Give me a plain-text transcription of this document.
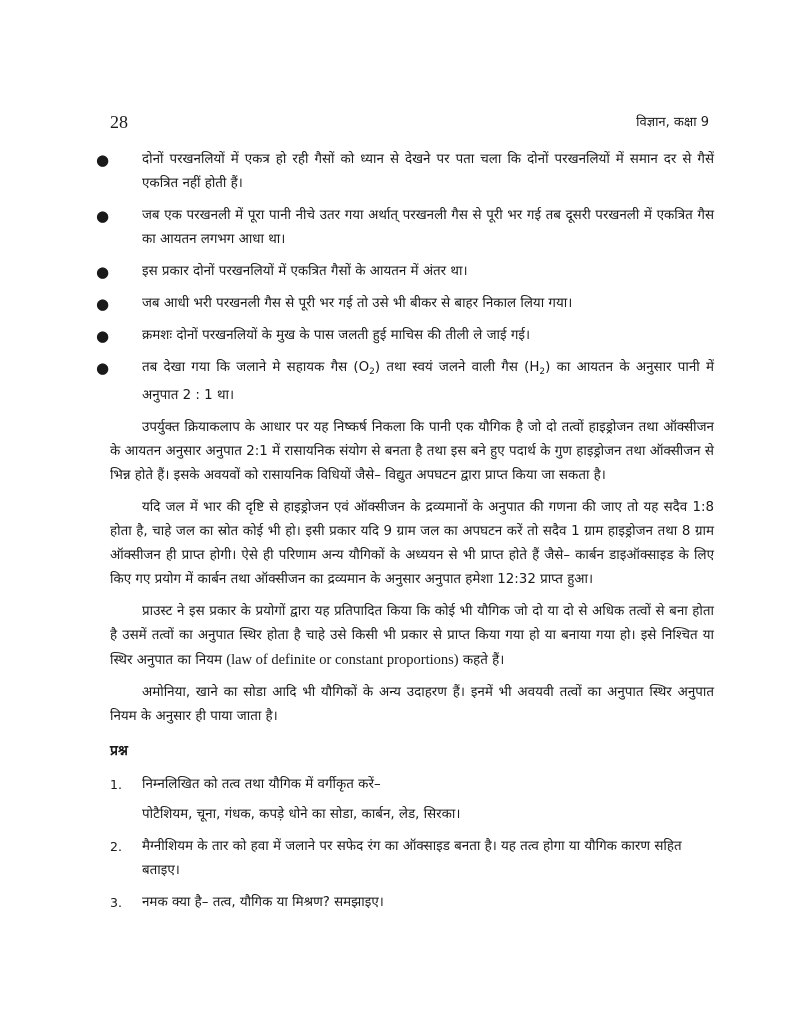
28	विज्ञान, कक्षा 9
● दोनों परखनलियों में एकत्र हो रही गैसों को ध्यान से देखने पर पता चला कि दोनों परखनलियों में समान दर से गैसें एकत्रित नहीं होती हैं।
● जब एक परखनली में पूरा पानी नीचे उतर गया अर्थात् परखनली गैस से पूरी भर गई तब दूसरी परखनली में एकत्रित गैस का आयतन लगभग आधा था।
● इस प्रकार दोनों परखनलियों में एकत्रित गैसों के आयतन में अंतर था।
● जब आधी भरी परखनली गैस से पूरी भर गई तो उसे भी बीकर से बाहर निकाल लिया गया।
● क्रमशः दोनों परखनलियों के मुख के पास जलती हुई माचिस की तीली ले जाई गई।
● तब देखा गया कि जलाने मे सहायक गैस $(O_2)$ तथा स्वयं जलने वाली गैस $(H_2)$ का आयतन के अनुसार पानी में अनुपात 2 : 1 था।

उपर्युक्त क्रियाकलाप के आधार पर यह निष्कर्ष निकला कि पानी एक यौगिक है जो दो तत्वों हाइड्रोजन तथा ऑक्सीजन के आयतन अनुसार अनुपात 2:1 में रासायनिक संयोग से बनता है तथा इस बने हुए पदार्थ के गुण हाइड्रोजन तथा ऑक्सीजन से भिन्न होते हैं। इसके अवयवों को रासायनिक विधियों जैसे– विद्युत अपघटन द्वारा प्राप्त किया जा सकता है।

यदि जल में भार की दृष्टि से हाइड्रोजन एवं ऑक्सीजन के द्रव्यमानों के अनुपात की गणना की जाए तो यह सदैव 1:8 होता है, चाहे जल का स्रोत कोई भी हो। इसी प्रकार यदि 9 ग्राम जल का अपघटन करें तो सदैव 1 ग्राम हाइड्रोजन तथा 8 ग्राम ऑक्सीजन ही प्राप्त होगी। ऐसे ही परिणाम अन्य यौगिकों के अध्ययन से भी प्राप्त होते हैं जैसे– कार्बन डाइऑक्साइड के लिए किए गए प्रयोग में कार्बन तथा ऑक्सीजन का द्रव्यमान के अनुसार अनुपात हमेशा 12:32 प्राप्त हुआ।

प्राउस्ट ने इस प्रकार के प्रयोगों द्वारा यह प्रतिपादित किया कि कोई भी यौगिक जो दो या दो से अधिक तत्वों से बना होता है उसमें तत्वों का अनुपात स्थिर होता है चाहे उसे किसी भी प्रकार से प्राप्त किया गया हो या बनाया गया हो। इसे निश्चित या स्थिर अनुपात का नियम (law of definite or constant proportions) कहते हैं।

अमोनिया, खाने का सोडा आदि भी यौगिकों के अन्य उदाहरण हैं। इनमें भी अवयवी तत्वों का अनुपात स्थिर अनुपात नियम के अनुसार ही पाया जाता है।

प्रश्न
1. निम्नलिखित को तत्व तथा यौगिक में वर्गीकृत करें–
पोटैशियम, चूना, गंधक, कपड़े धोने का सोडा, कार्बन, लेड, सिरका।
2. मैग्नीशियम के तार को हवा में जलाने पर सफेद रंग का ऑक्साइड बनता है। यह तत्व होगा या यौगिक कारण सहित बताइए।
3. नमक क्या है– तत्व, यौगिक या मिश्रण? समझाइए।
